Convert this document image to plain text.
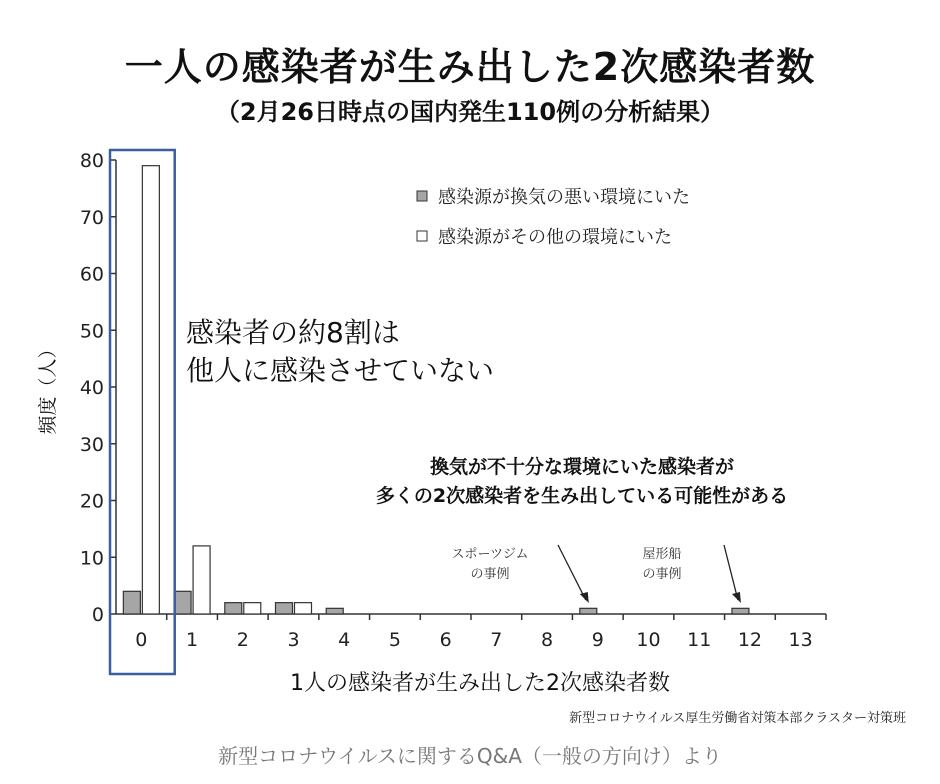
一人の感染者が生み出した2次感染者数
（2月26日時点の国内発生110例の分析結果）
0
10
20
30
40
50
60
70
80
0 1 2 3 4 5 6 7 8 9 10 11 12 13
感染源が換気の悪い環境にいた
感染源がその他の環境にいた
感染者の約8割は
他人に感染させていない
換気が不十分な環境にいた感染者が
多くの2次感染者を生み出している可能性がある
スポーツジム
の事例
屋形船
の事例
1人の感染者が生み出した2次感染者数
頻度（人）
新型コロナウイルス厚生労働省対策本部クラスター対策班
新型コロナウイルスに関するQ&A（一般の方向け）より
